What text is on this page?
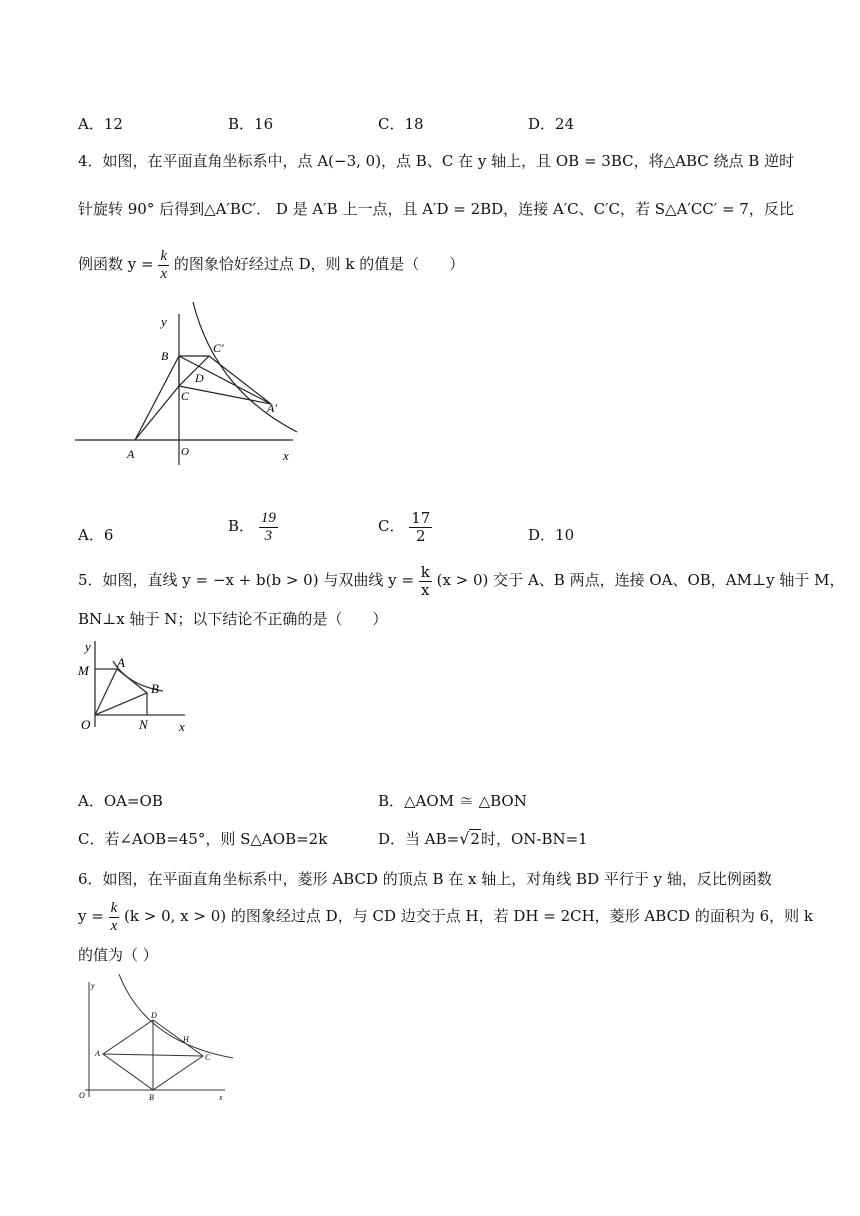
A．12	B．16	C．18	D．24
4．如图，在平面直角坐标系中，点 A(−3, 0)，点 B、C 在 y 轴上，且 OB = 3BC，将△ABC 绕点 B 逆时
针旋转 90° 后得到△A′BC′． D 是 A′B 上一点，且 A′D = 2BD，连接 A′C、C′C，若 S△A′CC′ = 7，反比
例函数 $y = \frac{k}{x}$ 的图象恰好经过点 D，则 k 的值是（　　）
y
x
A	O
B
C
D
C′
A′
A．6	B． $\frac{19}{3}$	C． $\frac{17}{2}$	D．10
5．如图，直线 y = −x + b(b > 0) 与双曲线 $y = \frac{k}{x} (x > 0)$ 交于 A、B 两点，连接 OA、OB，AM⊥y 轴于 M，
BN⊥x 轴于 N；以下结论不正确的是（　　）
y
M
A
B
O	N x
A．OA=OB	B．△AOM ≅ △BON
C．若∠AOB=45°，则 S△AOB=2k	D．当 AB=√2时，ON-BN=1
6．如图，在平面直角坐标系中，菱形 ABCD 的顶点 B 在 x 轴上，对角线 BD 平行于 y 轴，反比例函数
$y = \frac{k}{x} (k > 0$, x > 0) 的图象经过点 D，与 CD 边交于点 H，若 DH = 2CH，菱形 ABCD 的面积为 6，则 k
的值为（ ）
y
D
H
A	C
O	B	x
